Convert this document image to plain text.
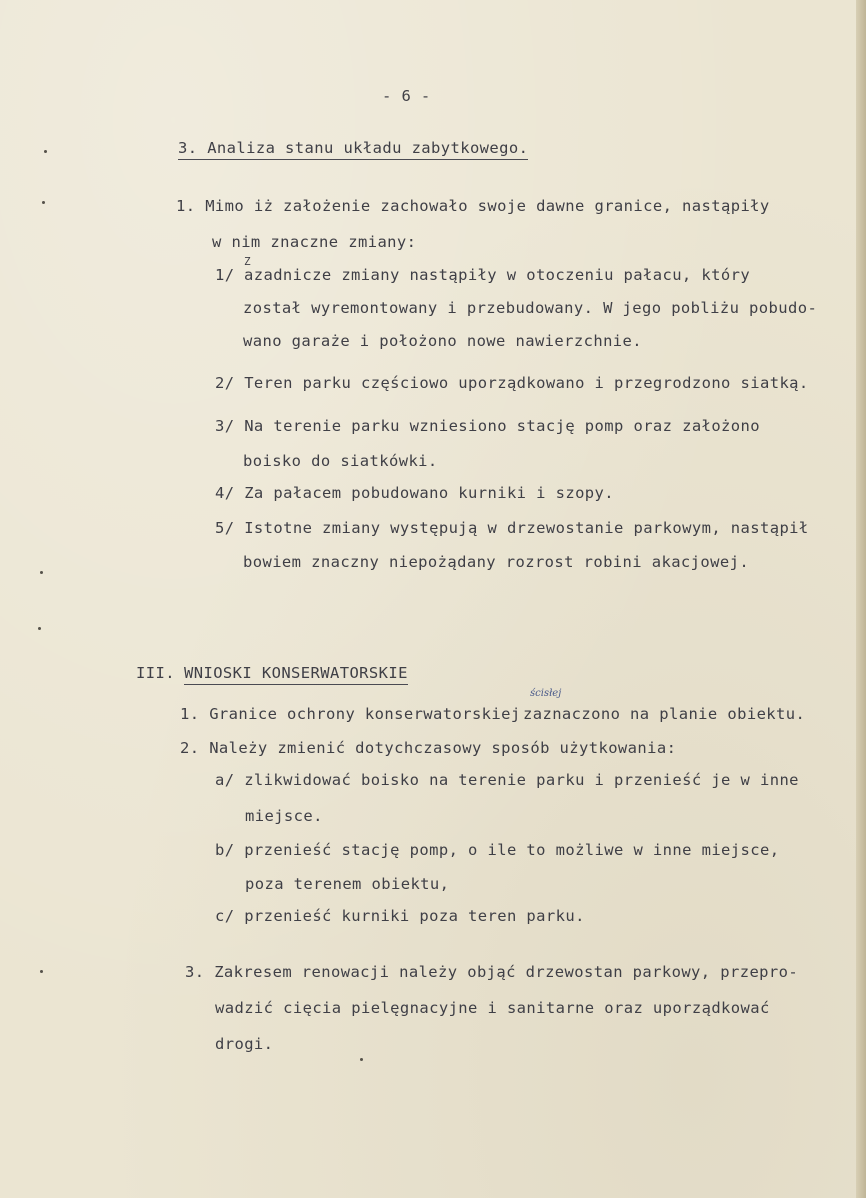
- 6 -
3. Analiza stanu układu zabytkowego.
1. Mimo iż założenie zachowało swoje dawne granice, nastąpiły
w nim znaczne zmiany:
1/
Z
azadnicze zmiany nastąpiły w otoczeniu pałacu, który
został wyremontowany i przebudowany. W jego pobliżu pobudo-
wano garaże i położono nowe nawierzchnie.
2/ Teren parku częściowo uporządkowano i przegrodzono siatką.
3/ Na terenie parku wzniesiono stację pomp oraz założono
boisko do siatkówki.
4/ Za pałacem pobudowano kurniki i szopy.
5/ Istotne zmiany występują w drzewostanie parkowym, nastąpił
bowiem znaczny niepożądany rozrost robini akacjowej.
III. WNIOSKI KONSERWATORSKIE
1. Granice ochrony konserwatorskiej
ścisłej
zaznaczono na planie obiektu.
2. Należy zmienić dotychczasowy sposób użytkowania:
a/ zlikwidować boisko na terenie parku i przenieść je w inne
miejsce.
b/ przenieść stację pomp, o ile to możliwe w inne miejsce,
poza terenem obiektu,
c/ przenieść kurniki poza teren parku.
3. Zakresem renowacji należy objąć drzewostan parkowy, przepro-
wadzić cięcia pielęgnacyjne i sanitarne oraz uporządkować
drogi.
